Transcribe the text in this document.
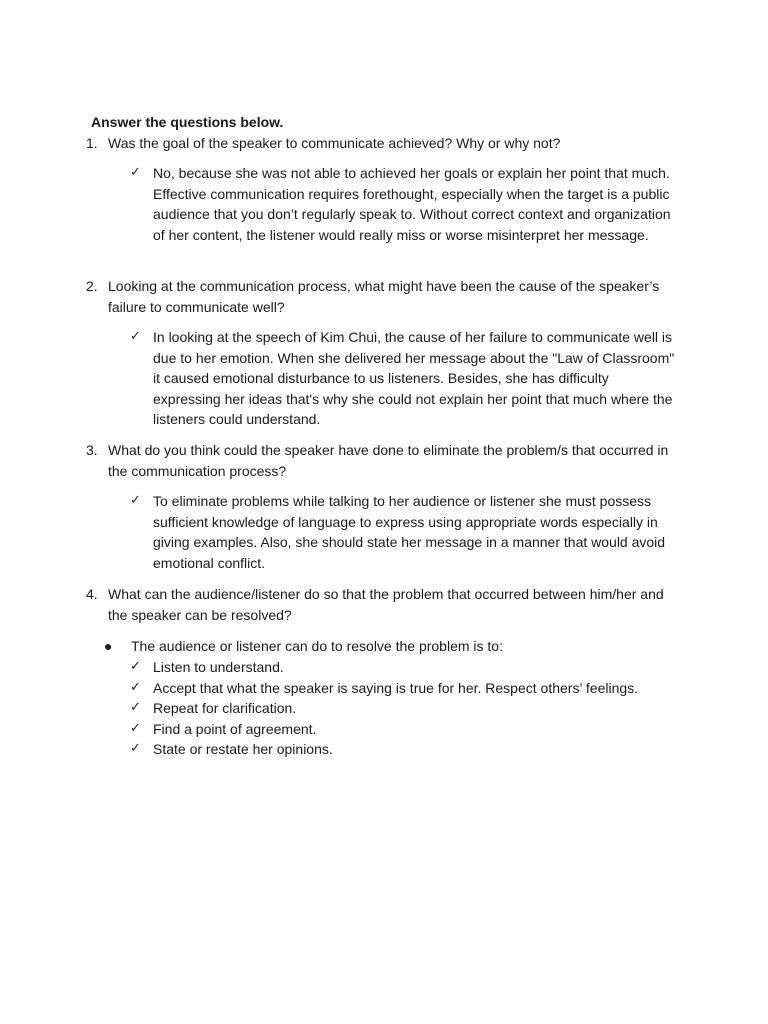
Answer the questions below.

1. Was the goal of the speaker to communicate achieved? Why or why not?
✓ No, because she was not able to achieved her goals or explain her point that much. Effective communication requires forethought, especially when the target is a public audience that you don’t regularly speak to. Without correct context and organization of her content, the listener would really miss or worse misinterpret her message.
2. Looking at the communication process, what might have been the cause of the speaker’s failure to communicate well?
✓ In looking at the speech of Kim Chui, the cause of her failure to communicate well is due to her emotion. When she delivered her message about the "Law of Classroom" it caused emotional disturbance to us listeners. Besides, she has difficulty expressing her ideas that's why she could not explain her point that much where the listeners could understand.
3. What do you think could the speaker have done to eliminate the problem/s that occurred in the communication process?
✓ To eliminate problems while talking to her audience or listener she must possess sufficient knowledge of language to express using appropriate words especially in giving examples. Also, she should state her message in a manner that would avoid emotional conflict.
4. What can the audience/listener do so that the problem that occurred between him/her and the speaker can be resolved?
● The audience or listener can do to resolve the problem is to:
✓ Listen to understand.
✓ Accept that what the speaker is saying is true for her. Respect others’ feelings.
✓ Repeat for clarification.
✓ Find a point of agreement.
✓ State or restate her opinions.
